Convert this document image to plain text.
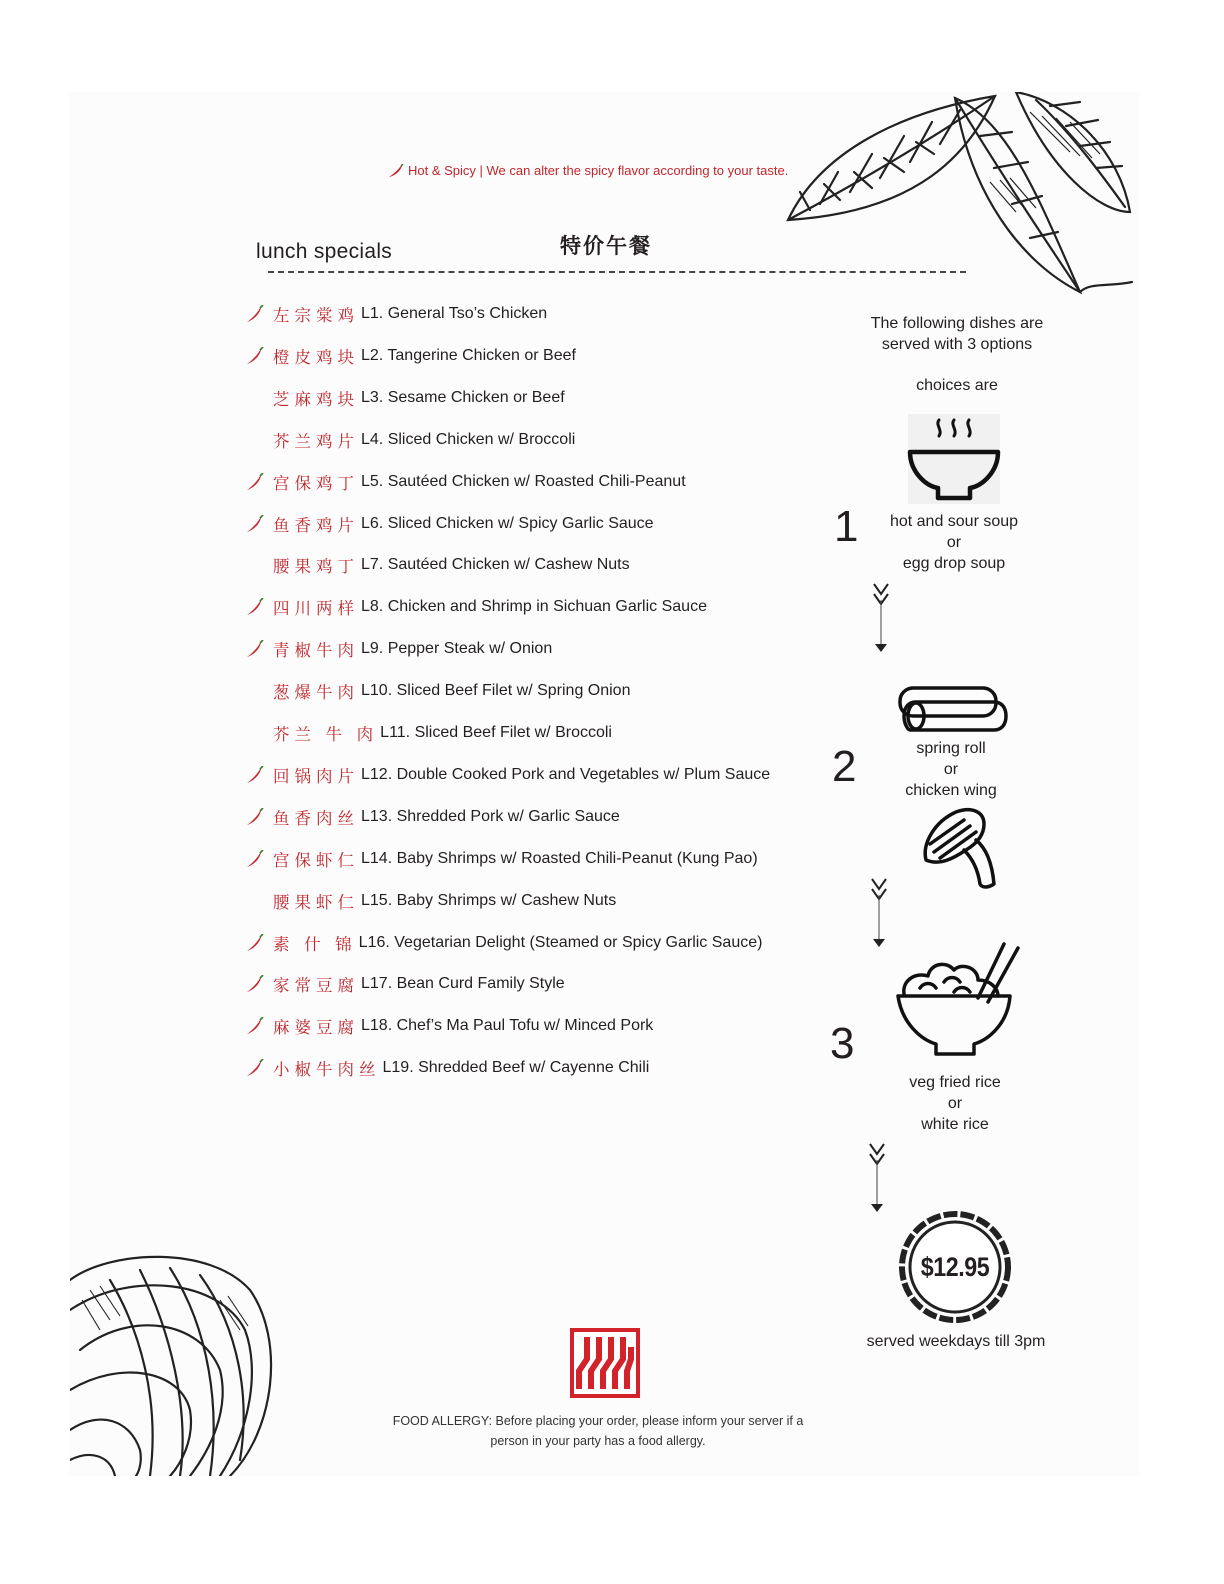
Hot & Spicy | We can alter the spicy flavor according to your taste.
lunch specials	特价午餐
左宗棠鸡 L1. General Tso’s Chicken
橙皮鸡块 L2. Tangerine Chicken or Beef
芝麻鸡块 L3. Sesame Chicken or Beef
芥兰鸡片 L4. Sliced Chicken w/ Broccoli
宫保鸡丁 L5. Sautéed Chicken w/ Roasted Chili-Peanut
鱼香鸡片 L6. Sliced Chicken w/ Spicy Garlic Sauce
腰果鸡丁 L7. Sautéed Chicken w/ Cashew Nuts
四川两样 L8. Chicken and Shrimp in Sichuan Garlic Sauce
青椒牛肉 L9. Pepper Steak w/ Onion
葱爆牛肉 L10. Sliced Beef Filet w/ Spring Onion
芥兰 牛 肉 L11. Sliced Beef Filet w/ Broccoli
回锅肉片 L12. Double Cooked Pork and Vegetables w/ Plum Sauce
鱼香肉丝 L13. Shredded Pork w/ Garlic Sauce
宫保虾仁 L14. Baby Shrimps w/ Roasted Chili-Peanut (Kung Pao)
腰果虾仁 L15. Baby Shrimps w/ Cashew Nuts
素 什 锦 L16. Vegetarian Delight (Steamed or Spicy Garlic Sauce)
家常豆腐 L17. Bean Curd Family Style
麻婆豆腐 L18. Chef’s Ma Paul Tofu w/ Minced Pork
小椒牛肉丝 L19. Shredded Beef w/ Cayenne Chili
The following dishes are
served with 3 options
choices are
1	hot and sour soup
or
egg drop soup
2	spring roll
or
chicken wing
3
veg fried rice
or
white rice
$12.95
served weekdays till 3pm
FOOD ALLERGY: Before placing your order, please inform your server if a
person in your party has a food allergy.
